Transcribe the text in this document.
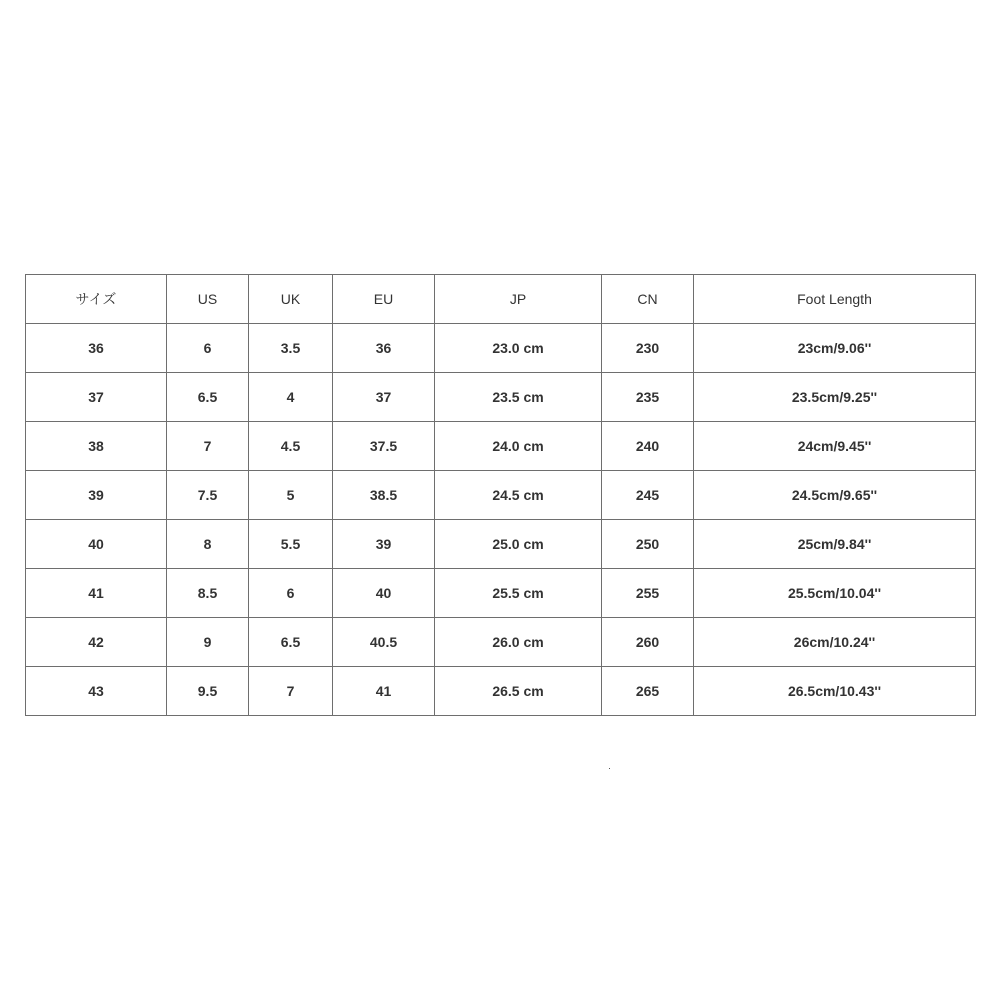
サイズ	US	UK	EU	JP	CN	Foot Length
36	6	3.5	36	23.0 cm	230	23cm/9.06''
37	6.5	4	37	23.5 cm	235	23.5cm/9.25''
38	7	4.5	37.5	24.0 cm	240	24cm/9.45''
39	7.5	5	38.5	24.5 cm	245	24.5cm/9.65''
40	8	5.5	39	25.0 cm	250	25cm/9.84''
41	8.5	6	40	25.5 cm	255	25.5cm/10.04''
42	9	6.5	40.5	26.0 cm	260	26cm/10.24''
43	9.5	7	41	26.5 cm	265	26.5cm/10.43''
